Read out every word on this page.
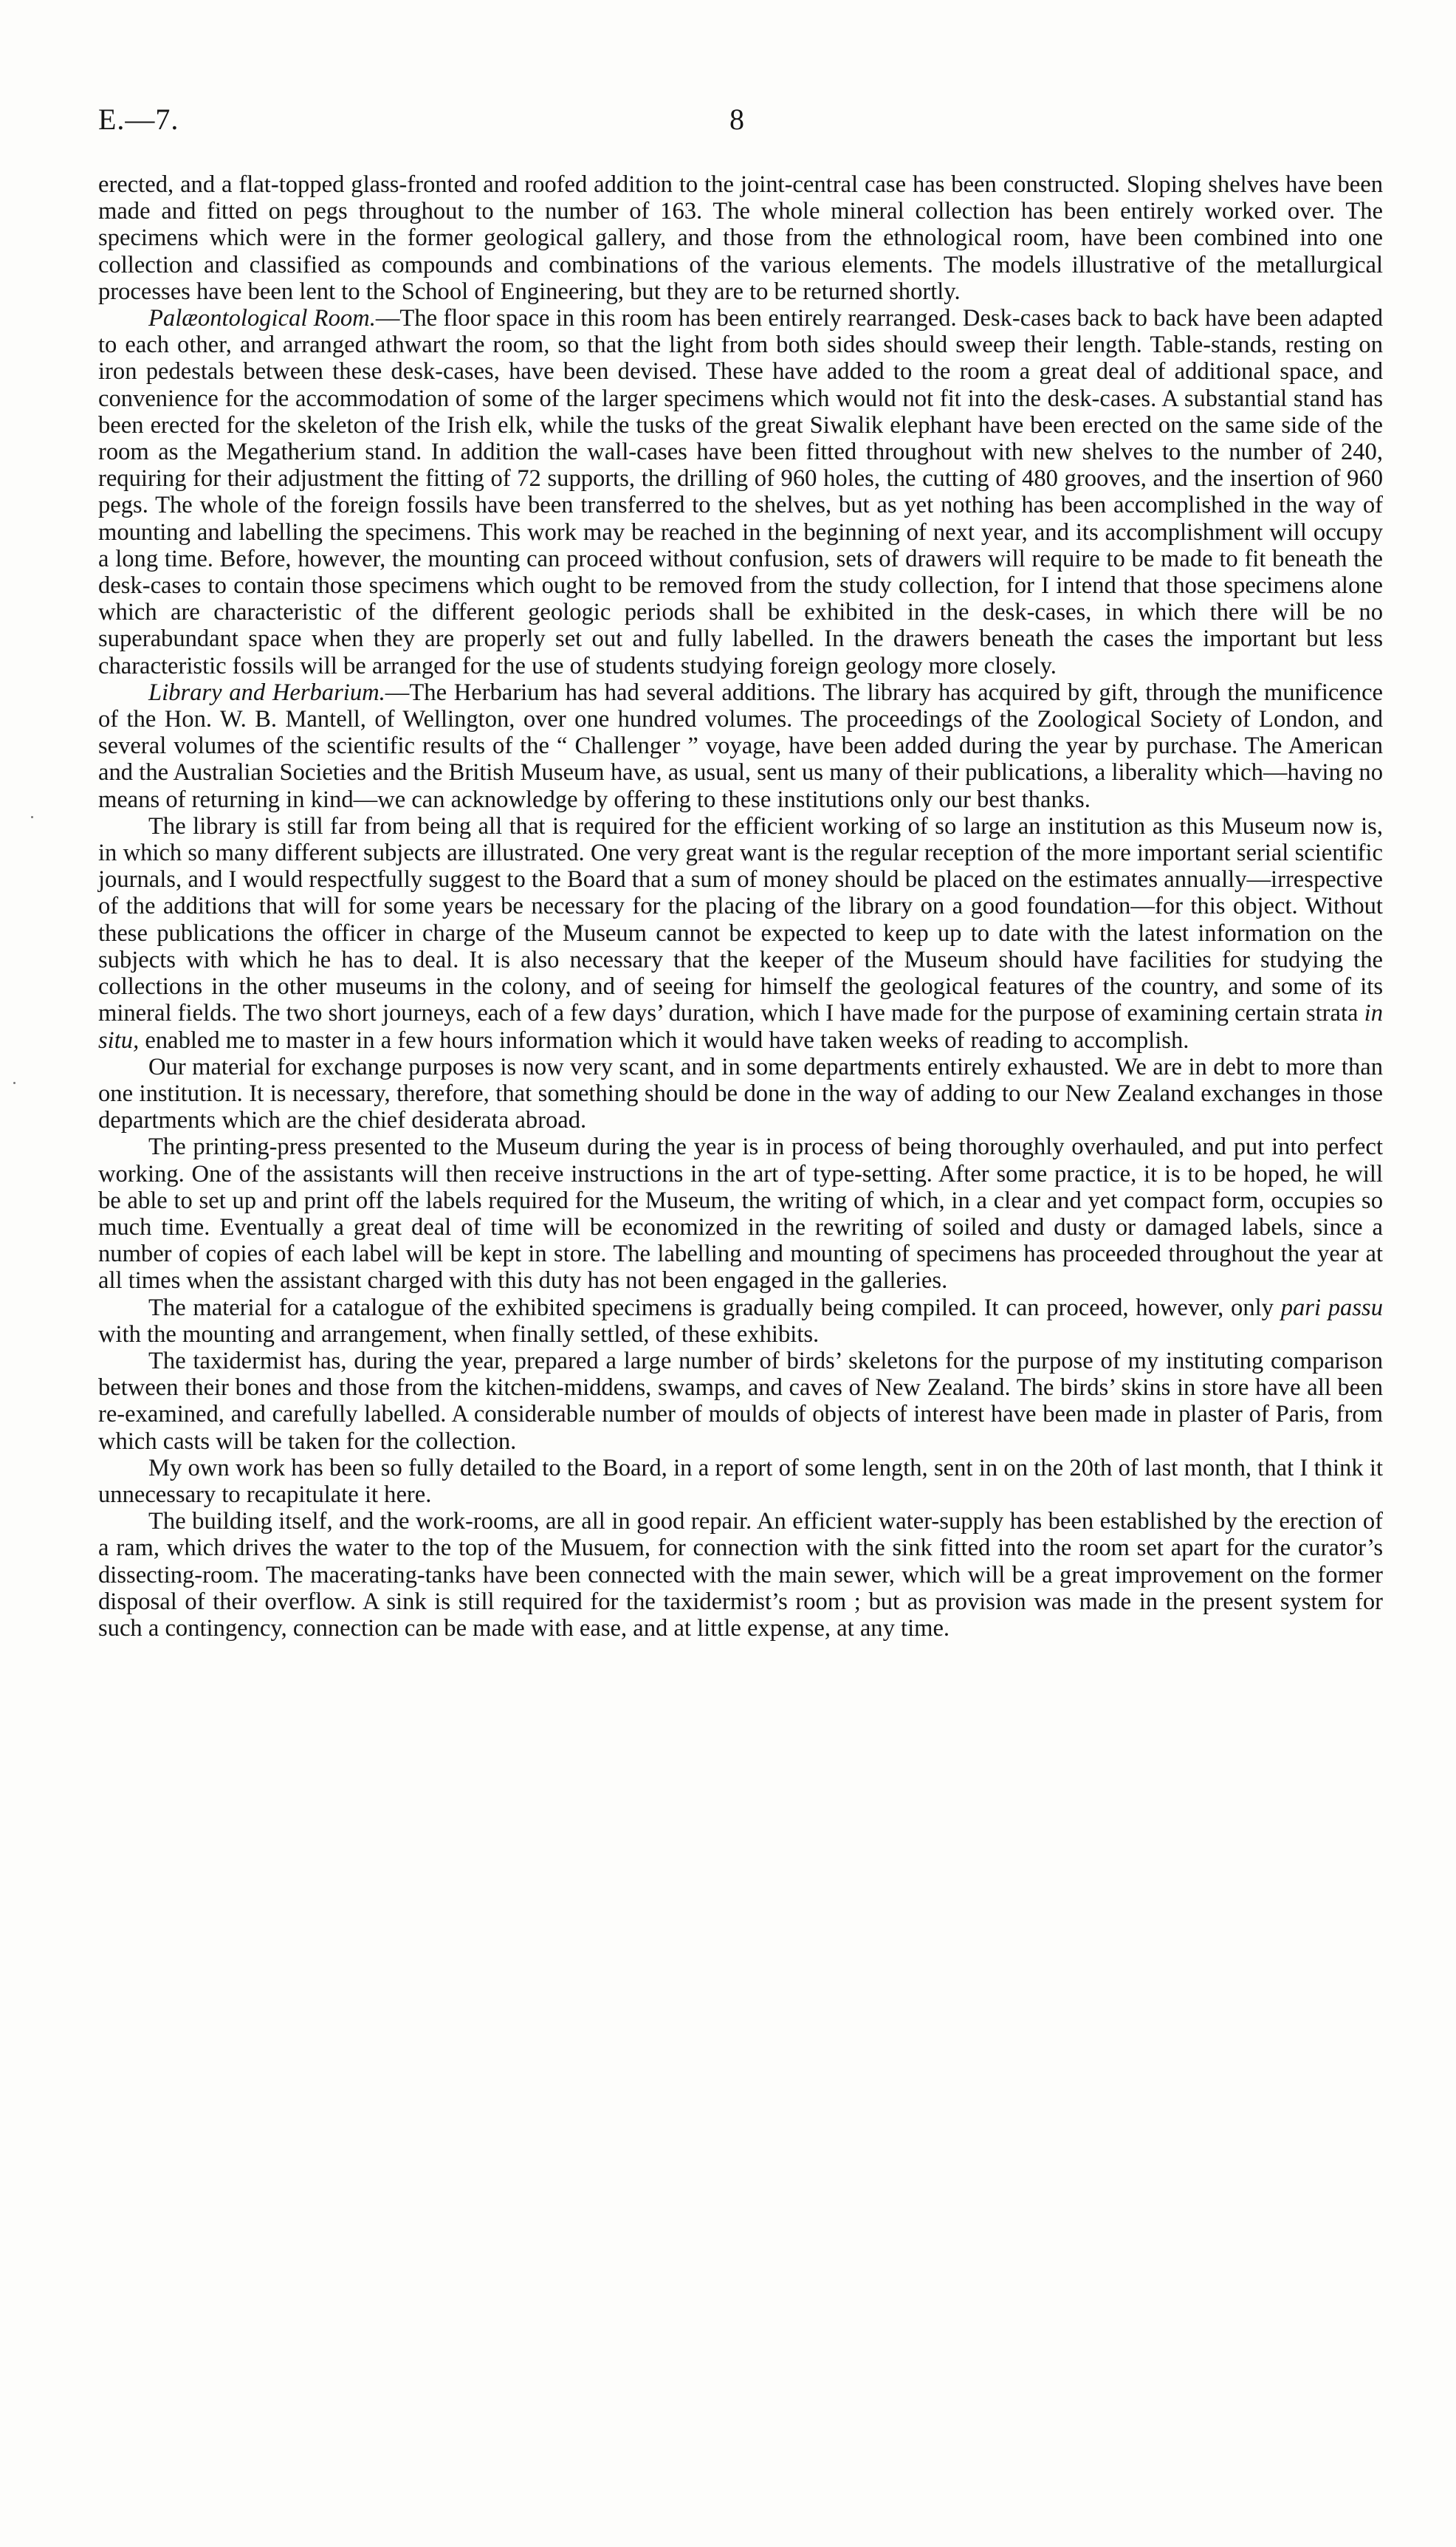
E.—7.	8

erected, and a flat-topped glass-fronted and roofed addition to the joint-central case has been constructed. Sloping shelves have been made and fitted on pegs throughout to the number of 163. The whole mineral collection has been entirely worked over. The specimens which were in the former geological gallery, and those from the ethnological room, have been combined into one collection and classified as compounds and combinations of the various elements. The models illustrative of the metallurgical processes have been lent to the School of Engineering, but they are to be returned shortly.

Palæontological Room.—The floor space in this room has been entirely rearranged. Desk-cases back to back have been adapted to each other, and arranged athwart the room, so that the light from both sides should sweep their length. Table-stands, resting on iron pedestals between these desk-cases, have been devised. These have added to the room a great deal of additional space, and convenience for the accommodation of some of the larger specimens which would not fit into the desk-cases. A substantial stand has been erected for the skeleton of the Irish elk, while the tusks of the great Siwalik elephant have been erected on the same side of the room as the Megatherium stand. In addition the wall-cases have been fitted throughout with new shelves to the number of 240, requiring for their adjustment the fitting of 72 supports, the drilling of 960 holes, the cutting of 480 grooves, and the insertion of 960 pegs. The whole of the foreign fossils have been transferred to the shelves, but as yet nothing has been accomplished in the way of mounting and labelling the specimens. This work may be reached in the beginning of next year, and its accomplishment will occupy a long time. Before, however, the mounting can proceed without confusion, sets of drawers will require to be made to fit beneath the desk-cases to contain those specimens which ought to be removed from the study collection, for I intend that those specimens alone which are characteristic of the different geologic periods shall be exhibited in the desk-cases, in which there will be no superabundant space when they are properly set out and fully labelled. In the drawers beneath the cases the important but less characteristic fossils will be arranged for the use of students studying foreign geology more closely.

Library and Herbarium.—The Herbarium has had several additions. The library has acquired by gift, through the munificence of the Hon. W. B. Mantell, of Wellington, over one hundred volumes. The proceedings of the Zoological Society of London, and several volumes of the scientific results of the “ Challenger ” voyage, have been added during the year by purchase. The American and the Australian Societies and the British Museum have, as usual, sent us many of their publications, a liberality which—having no means of returning in kind—we can acknowledge by offering to these institutions only our best thanks.

The library is still far from being all that is required for the efficient working of so large an institution as this Museum now is, in which so many different subjects are illustrated. One very great want is the regular reception of the more important serial scientific journals, and I would respectfully suggest to the Board that a sum of money should be placed on the estimates annually—irrespective of the additions that will for some years be necessary for the placing of the library on a good foundation—for this object. Without these publications the officer in charge of the Museum cannot be expected to keep up to date with the latest information on the subjects with which he has to deal. It is also necessary that the keeper of the Museum should have facilities for studying the collections in the other museums in the colony, and of seeing for himself the geological features of the country, and some of its mineral fields. The two short journeys, each of a few days’ duration, which I have made for the purpose of examining certain strata in situ, enabled me to master in a few hours information which it would have taken weeks of reading to accomplish.

Our material for exchange purposes is now very scant, and in some departments entirely exhausted. We are in debt to more than one institution. It is necessary, therefore, that something should be done in the way of adding to our New Zealand exchanges in those departments which are the chief desiderata abroad.

The printing-press presented to the Museum during the year is in process of being thoroughly overhauled, and put into perfect working. One of the assistants will then receive instructions in the art of type-setting. After some practice, it is to be hoped, he will be able to set up and print off the labels required for the Museum, the writing of which, in a clear and yet compact form, occupies so much time. Eventually a great deal of time will be economized in the rewriting of soiled and dusty or damaged labels, since a number of copies of each label will be kept in store. The labelling and mounting of specimens has proceeded throughout the year at all times when the assistant charged with this duty has not been engaged in the galleries.

The material for a catalogue of the exhibited specimens is gradually being compiled. It can proceed, however, only pari passu with the mounting and arrangement, when finally settled, of these exhibits.

The taxidermist has, during the year, prepared a large number of birds’ skeletons for the purpose of my instituting comparison between their bones and those from the kitchen-middens, swamps, and caves of New Zealand. The birds’ skins in store have all been re-examined, and carefully labelled. A considerable number of moulds of objects of interest have been made in plaster of Paris, from which casts will be taken for the collection.

My own work has been so fully detailed to the Board, in a report of some length, sent in on the 20th of last month, that I think it unnecessary to recapitulate it here.

The building itself, and the work-rooms, are all in good repair. An efficient water-supply has been established by the erection of a ram, which drives the water to the top of the Musuem, for connection with the sink fitted into the room set apart for the curator’s dissecting-room. The macerating-tanks have been connected with the main sewer, which will be a great improvement on the former disposal of their overflow. A sink is still required for the taxidermist’s room ; but as provision was made in the present system for such a contingency, connection can be made with ease, and at little expense, at any time.
